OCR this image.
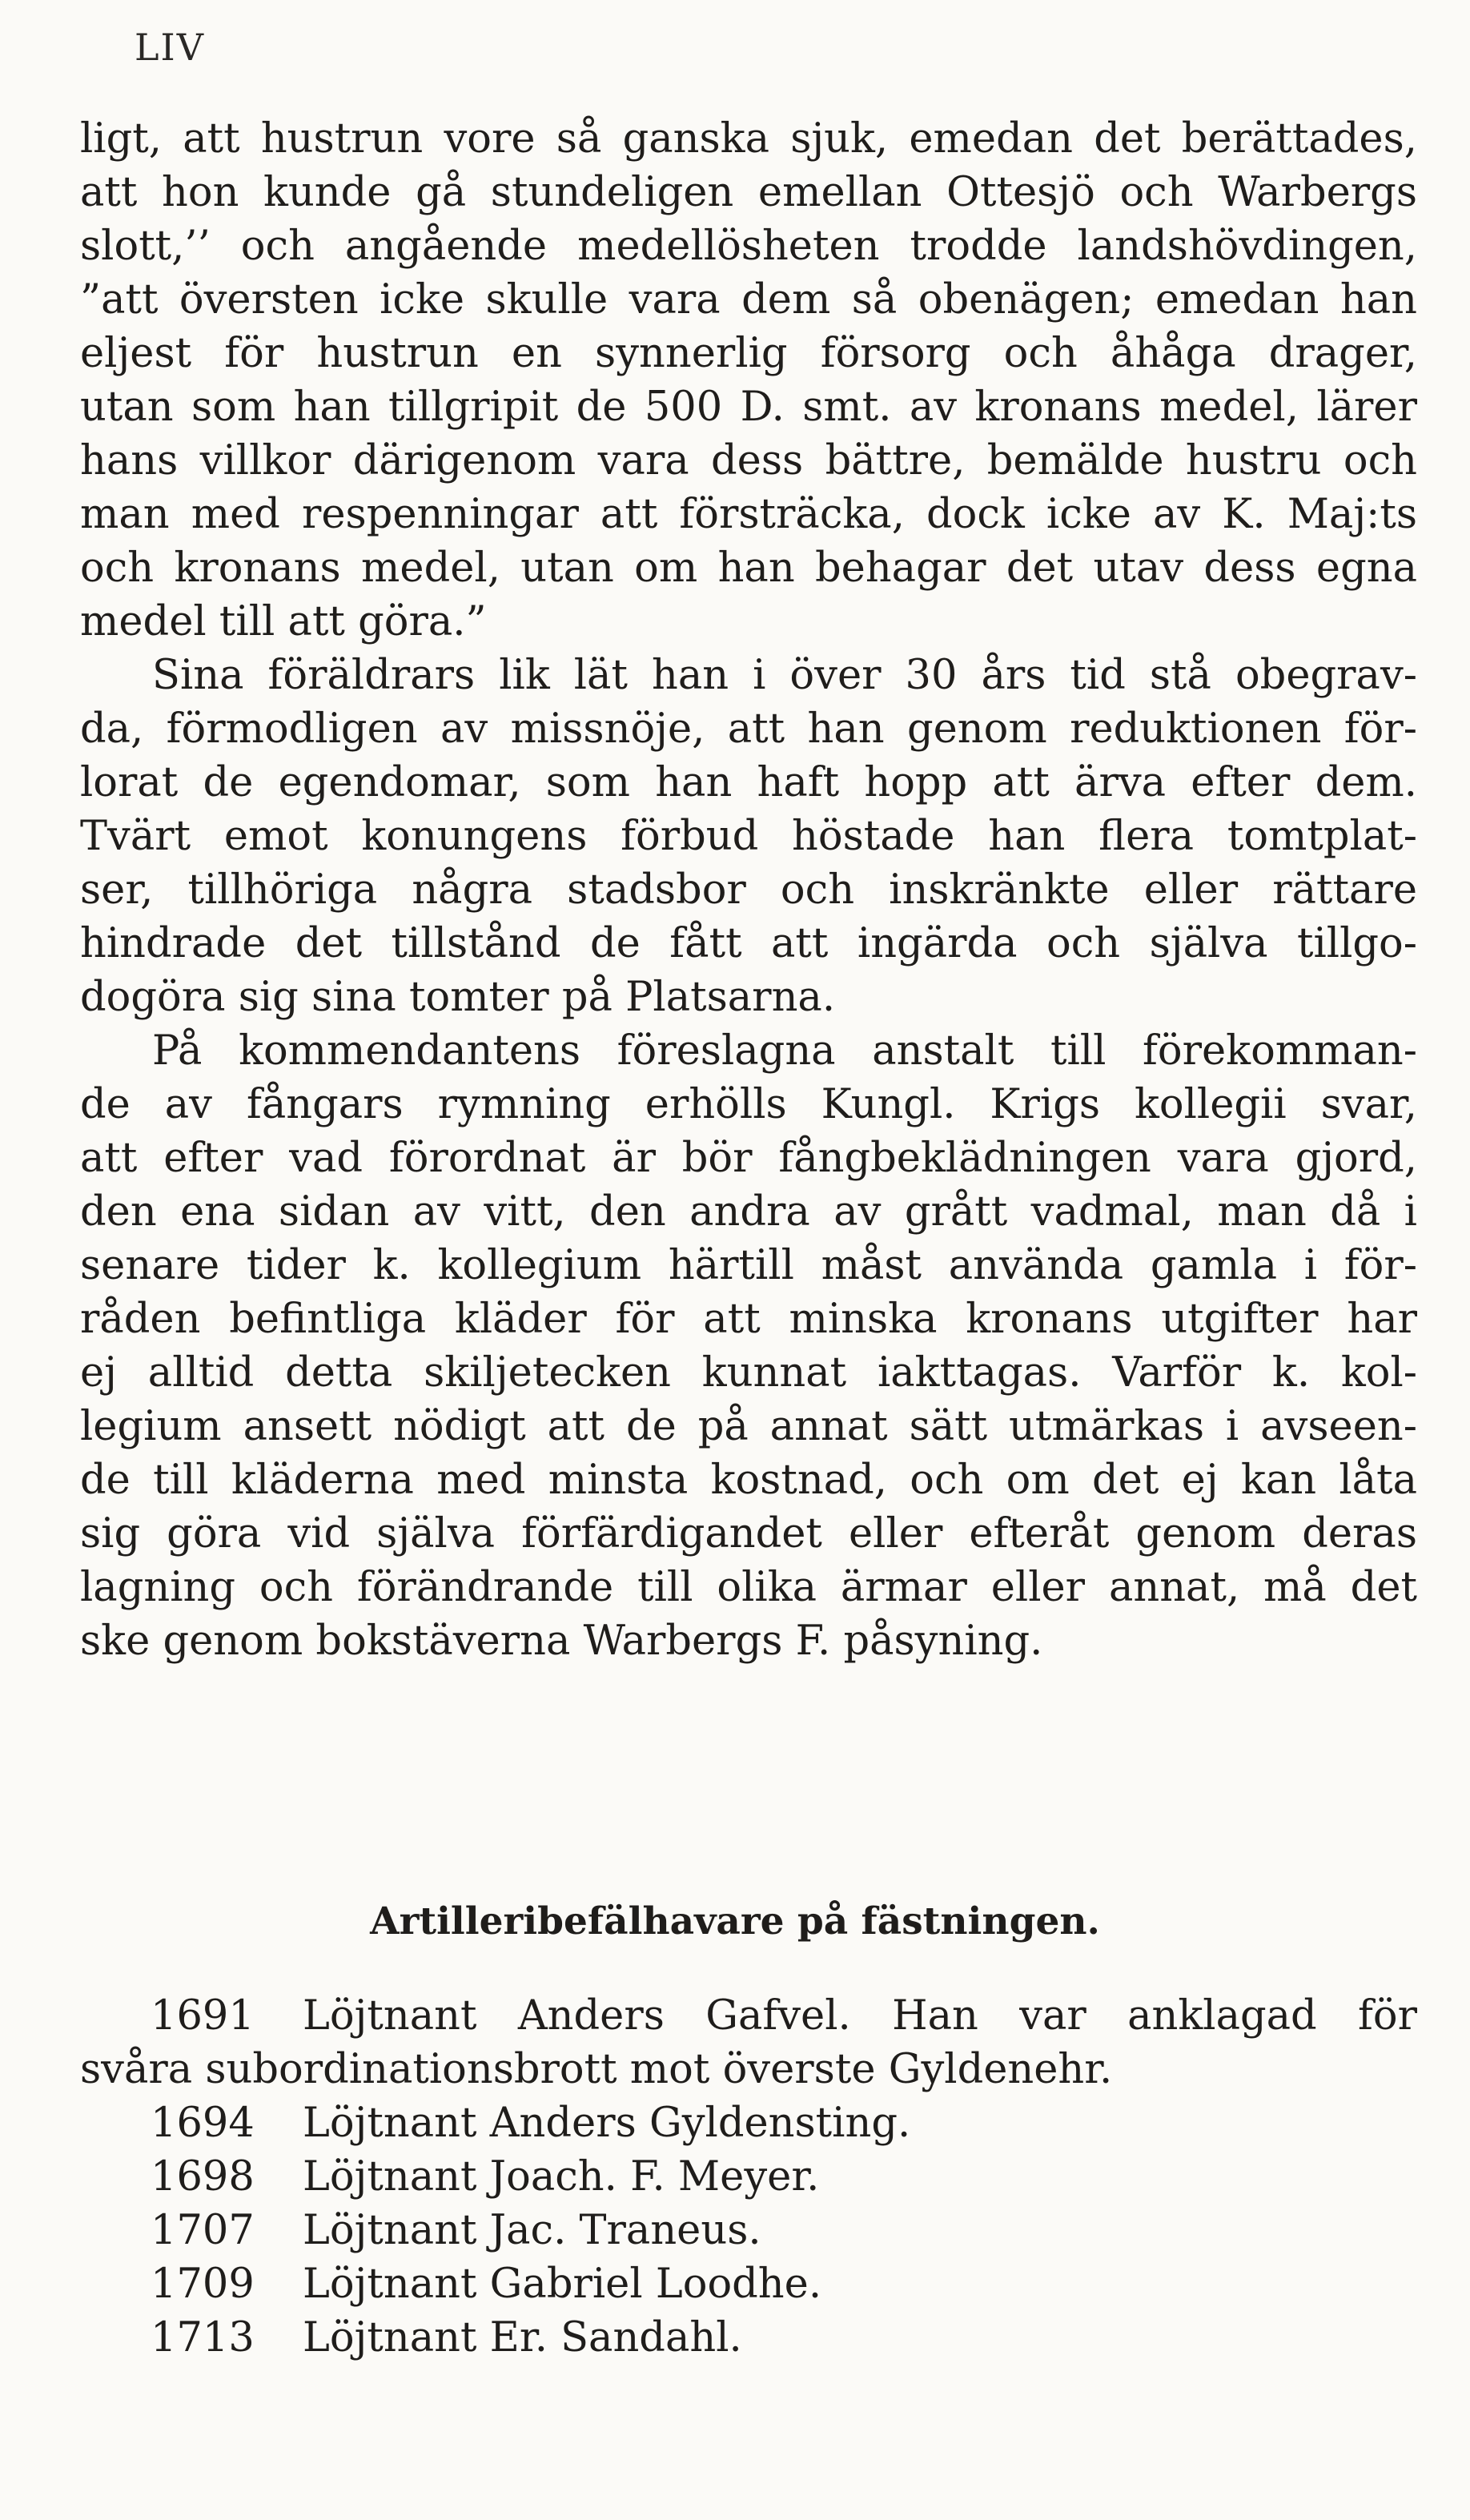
LIV
ligt, att hustrun vore så ganska sjuk, emedan det berättades,
att hon kunde gå stundeligen emellan Ottesjö och Warbergs
slott,’’ och angående medellösheten trodde landshövdingen,
”att översten icke skulle vara dem så obenägen; emedan han
eljest för hustrun en synnerlig försorg och åhåga drager,
utan som han tillgripit de 500 D. smt. av kronans medel, lärer
hans villkor därigenom vara dess bättre, bemälde hustru och
man med respenningar att försträcka, dock icke av K. Maj:ts
och kronans medel, utan om han behagar det utav dess egna
medel till att göra.”
Sina föräldrars lik lät han i över 30 års tid stå obegrav-
da, förmodligen av missnöje, att han genom reduktionen för-
lorat de egendomar, som han haft hopp att ärva efter dem.
Tvärt emot konungens förbud höstade han flera tomtplat-
ser, tillhöriga några stadsbor och inskränkte eller rättare
hindrade det tillstånd de fått att ingärda och själva tillgo-
dogöra sig sina tomter på Platsarna.
På kommendantens föreslagna anstalt till förekomman-
de av fångars rymning erhölls Kungl. Krigs kollegii svar,
att efter vad förordnat är bör fångbeklädningen vara gjord,
den ena sidan av vitt, den andra av grått vadmal, man då i
senare tider k. kollegium härtill måst använda gamla i för-
råden befintliga kläder för att minska kronans utgifter har
ej alltid detta skiljetecken kunnat iakttagas. Varför k. kol-
legium ansett nödigt att de på annat sätt utmärkas i avseen-
de till kläderna med minsta kostnad, och om det ej kan låta
sig göra vid själva förfärdigandet eller efteråt genom deras
lagning och förändrande till olika ärmar eller annat, må det
ske genom bokstäverna Warbergs F. påsyning.
Artilleribefälhavare på fästningen.
1691 Löjtnant Anders Gafvel. Han var anklagad för
svåra subordinationsbrott mot överste Gyldenehr.
1694 Löjtnant Anders Gyldensting.
1698 Löjtnant Joach. F. Meyer.
1707 Löjtnant Jac. Traneus.
1709 Löjtnant Gabriel Loodhe.
1713 Löjtnant Er. Sandahl.
